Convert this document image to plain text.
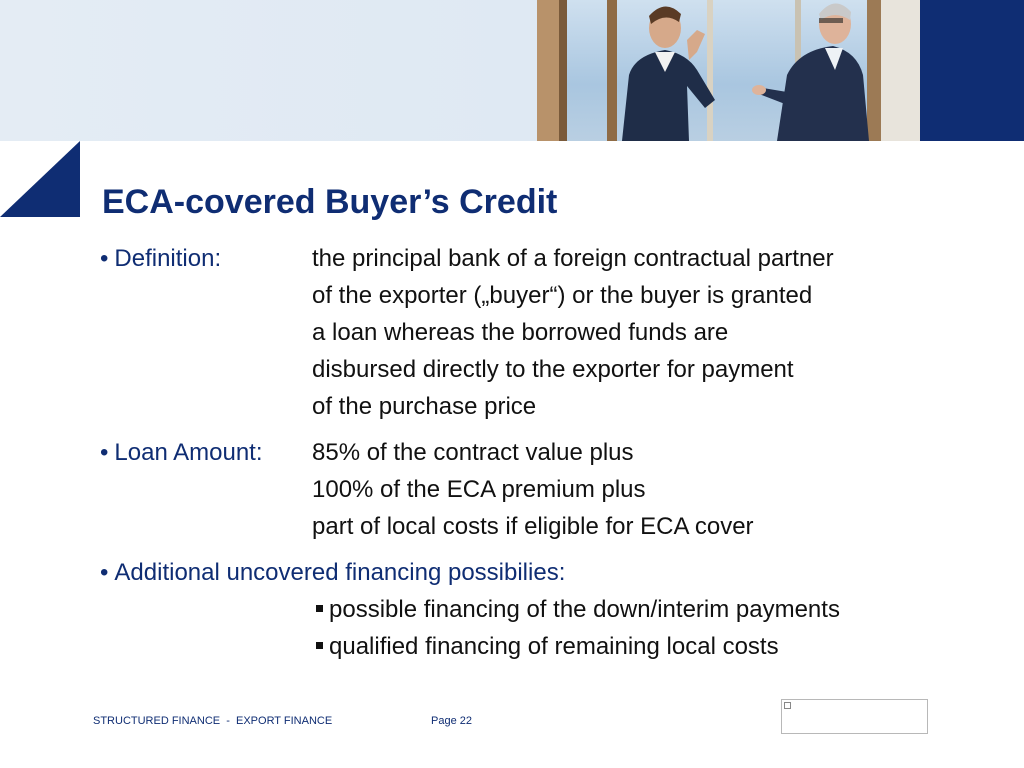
ECA-covered Buyer’s Credit
• Definition:	the principal bank of a foreign contractual partner
of the exporter („buyer“) or the buyer is granted
a loan whereas the borrowed funds are
disbursed directly to the exporter for payment
of the purchase price
• Loan Amount:	85% of the contract value plus
100% of the ECA premium plus
part of local costs if eligible for ECA cover
• Additional uncovered financing possibilies:
possible financing of the down/interim payments
qualified financing of remaining local costs
STRUCTURED FINANCE  -  EXPORT FINANCE	Page 22
